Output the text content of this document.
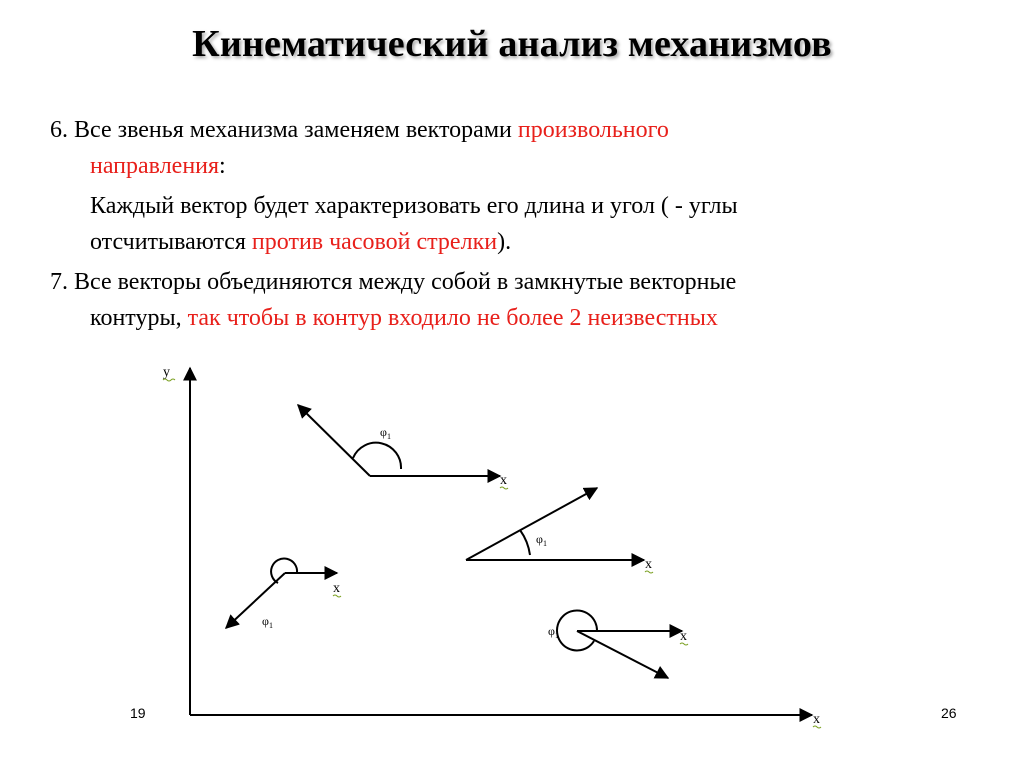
Кинематический анализ механизмов
6. Все звенья механизма заменяем векторами произвольного
направления:
Каждый вектор будет характеризовать его длина и угол ( - углы
отсчитываются против часовой стрелки).
7. Все векторы объединяются между собой в замкнутые векторные
контуры, так чтобы в контур входило не более 2 неизвестных
y
x
x
x
x
x
$\varphi_1$
$\varphi_1$
$\varphi_1$	$\varphi_1$
19	26
